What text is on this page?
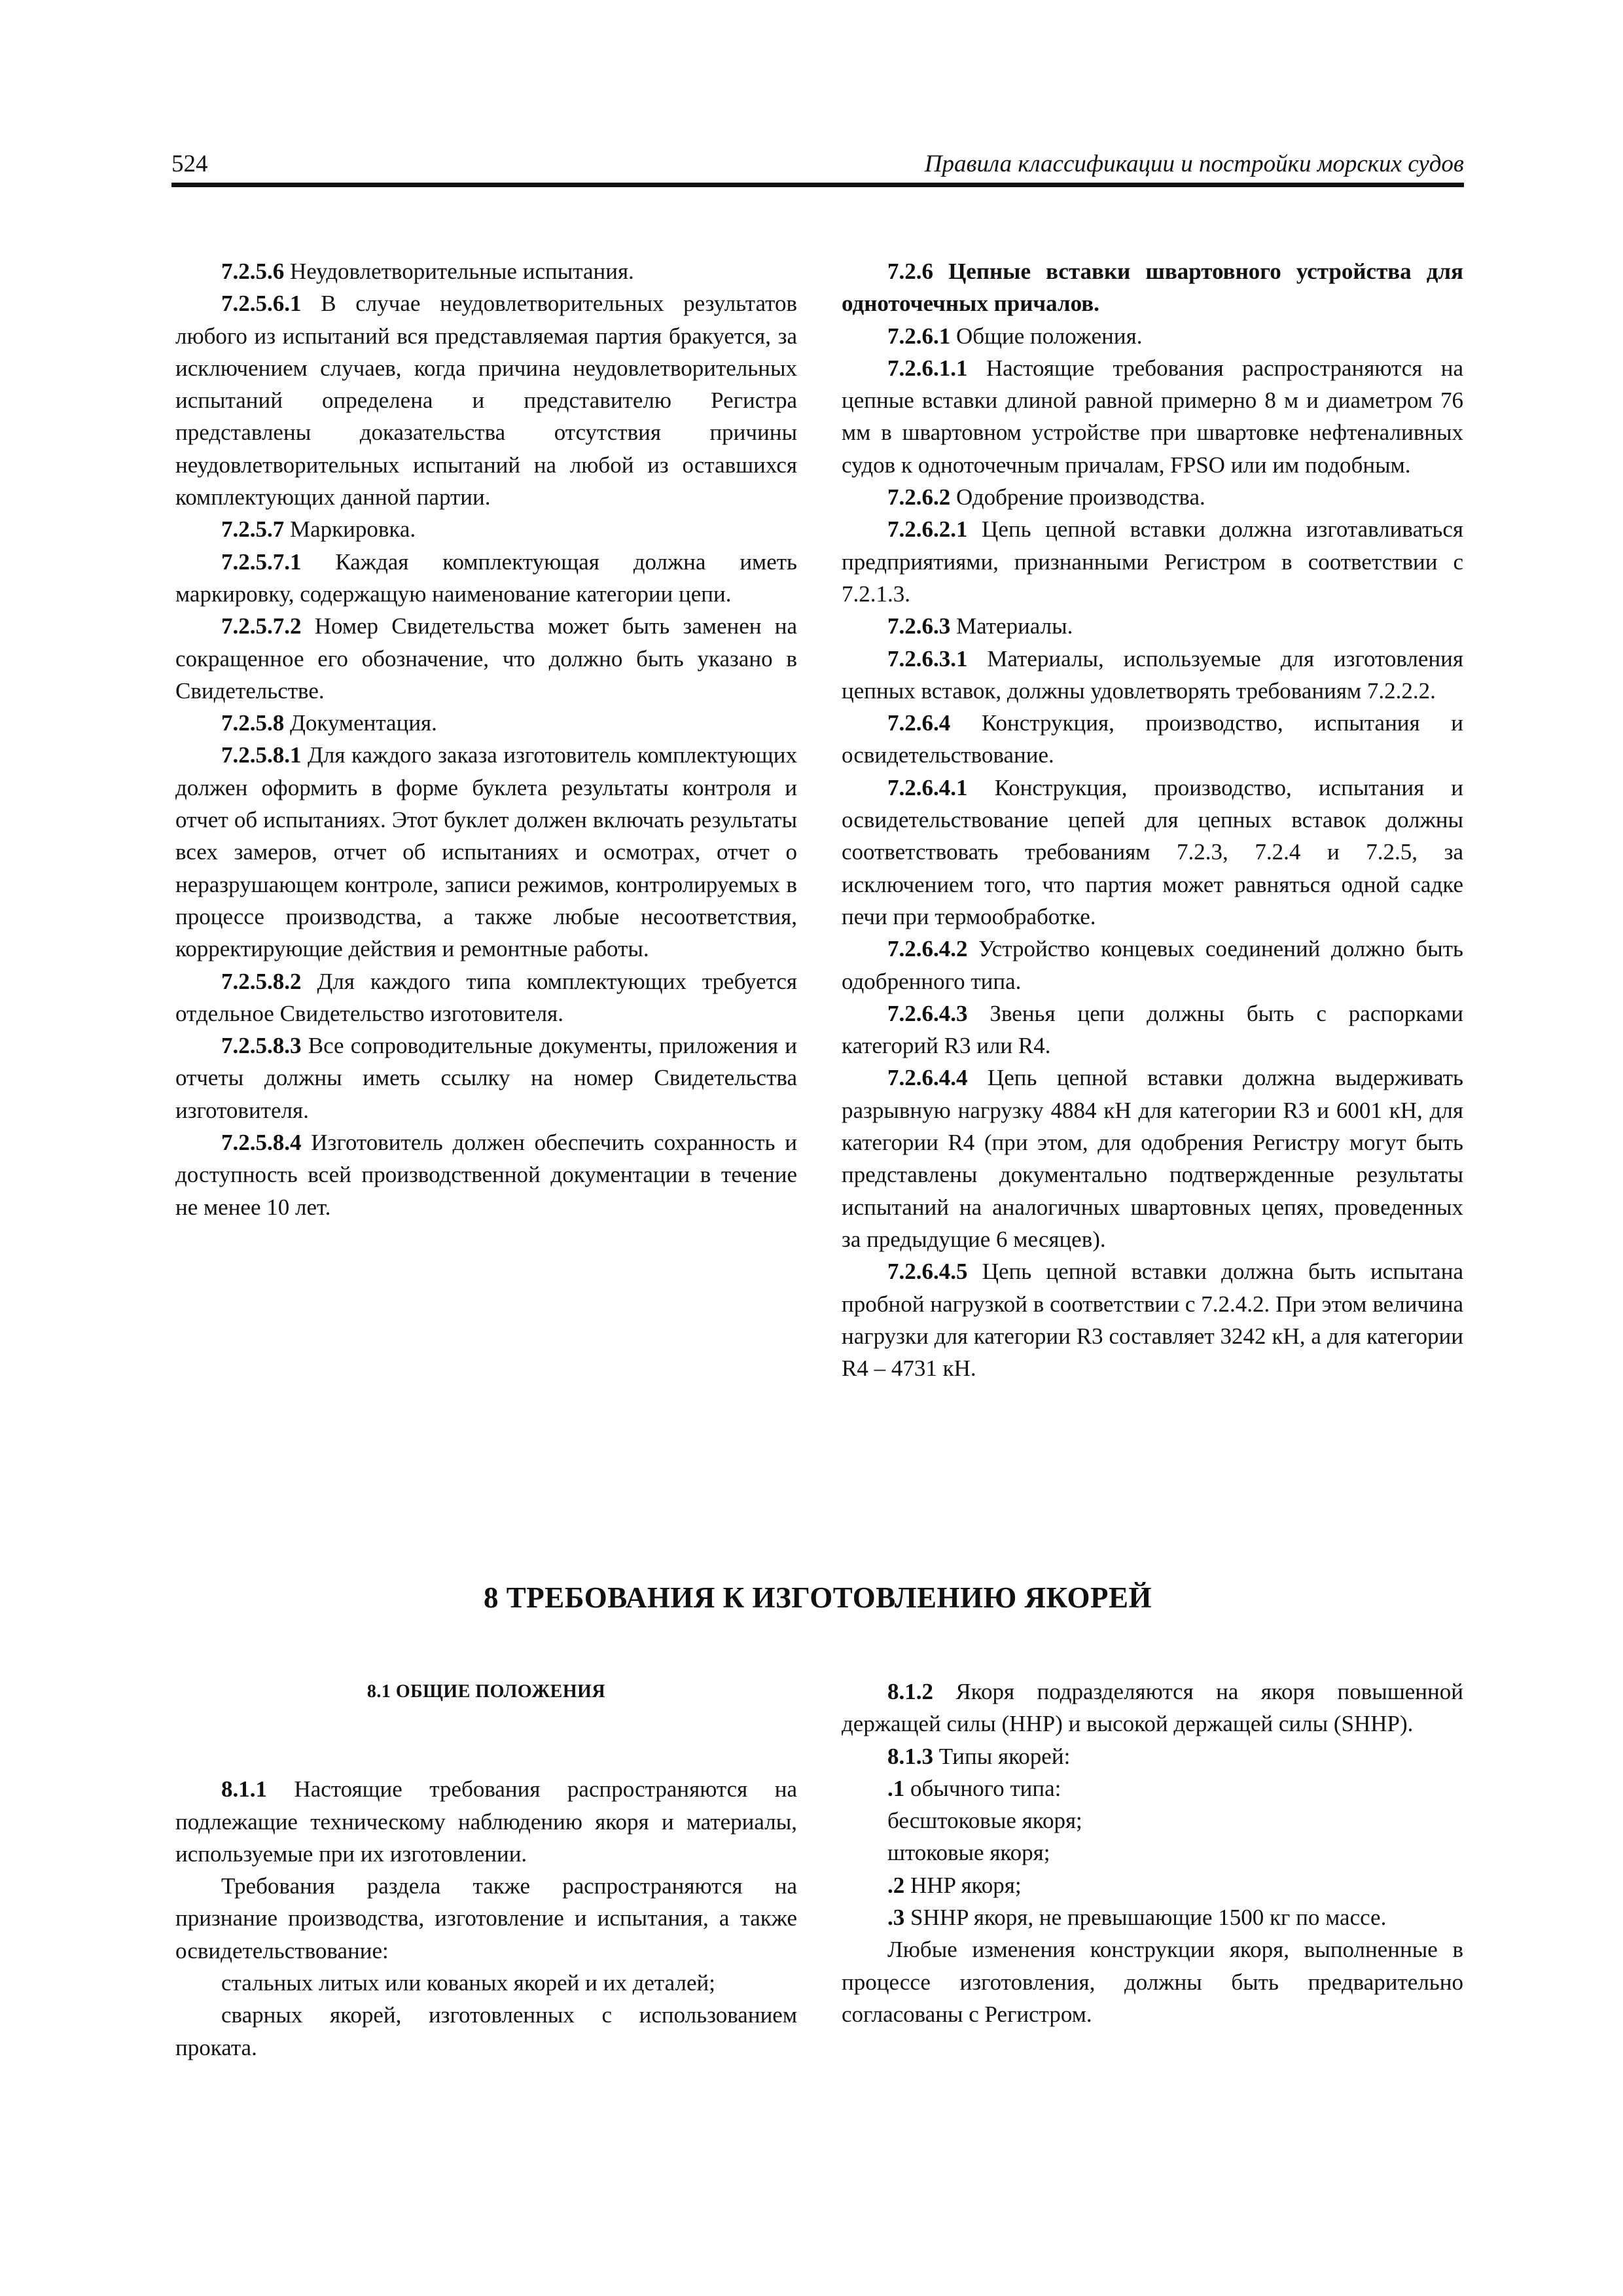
524	Правила классификации и постройки морских судов

7.2.5.6 Неудовлетворительные испытания.

7.2.5.6.1 В случае неудовлетворительных результатов любого из испытаний вся представляемая партия бракуется, за исключением случаев, когда причина неудовлетворительных испытаний определена и представителю Регистра представлены доказательства отсутствия причины неудовлетворительных испытаний на любой из оставшихся комплектующих данной партии.

7.2.5.7 Маркировка.

7.2.5.7.1 Каждая комплектующая должна иметь маркировку, содержащую наименование категории цепи.

7.2.5.7.2 Номер Свидетельства может быть заменен на сокращенное его обозначение, что должно быть указано в Свидетельстве.

7.2.5.8 Документация.

7.2.5.8.1 Для каждого заказа изготовитель комплектующих должен оформить в форме буклета результаты контроля и отчет об испытаниях. Этот буклет должен включать результаты всех замеров, отчет об испытаниях и осмотрах, отчет о неразрушающем контроле, записи режимов, контролируемых в процессе производства, а также любые несоответствия, корректирующие действия и ремонтные работы.

7.2.5.8.2 Для каждого типа комплектующих требуется отдельное Свидетельство изготовителя.

7.2.5.8.3 Все сопроводительные документы, приложения и отчеты должны иметь ссылку на номер Свидетельства изготовителя.

7.2.5.8.4 Изготовитель должен обеспечить сохранность и доступность всей производственной документации в течение не менее 10 лет.

7.2.6 Цепные вставки швартовного устройства для одноточечных причалов.

7.2.6.1 Общие положения.

7.2.6.1.1 Настоящие требования распространяются на цепные вставки длиной равной примерно 8 м и диаметром 76 мм в швартовном устройстве при швартовке нефтеналивных судов к одноточечным причалам, FPSO или им подобным.

7.2.6.2 Одобрение производства.

7.2.6.2.1 Цепь цепной вставки должна изготавливаться предприятиями, признанными Регистром в соответствии с 7.2.1.3.

7.2.6.3 Материалы.

7.2.6.3.1 Материалы, используемые для изготовления цепных вставок, должны удовлетворять требованиям 7.2.2.2.

7.2.6.4 Конструкция, производство, испытания и освидетельствование.

7.2.6.4.1 Конструкция, производство, испытания и освидетельствование цепей для цепных вставок должны соответствовать требованиям 7.2.3, 7.2.4 и 7.2.5, за исключением того, что партия может равняться одной садке печи при термообработке.

7.2.6.4.2 Устройство концевых соединений должно быть одобренного типа.

7.2.6.4.3 Звенья цепи должны быть с распорками категорий R3 или R4.

7.2.6.4.4 Цепь цепной вставки должна выдерживать разрывную нагрузку 4884 кН для категории R3 и 6001 кН, для категории R4 (при этом, для одобрения Регистру могут быть представлены документально подтвержденные результаты испытаний на аналогичных швартовных цепях, проведенных за предыдущие 6 месяцев).

7.2.6.4.5 Цепь цепной вставки должна быть испытана пробной нагрузкой в соответствии с 7.2.4.2. При этом величина нагрузки для категории R3 составляет 3242 кН, а для категории R4 – 4731 кН.

8 ТРЕБОВАНИЯ К ИЗГОТОВЛЕНИЮ ЯКОРЕЙ

8.1 ОБЩИЕ ПОЛОЖЕНИЯ

8.1.1 Настоящие требования распространяются на подлежащие техническому наблюдению якоря и материалы, используемые при их изготовлении.

Требования раздела также распространяются на признание производства, изготовление и испытания, а также освидетельствование:

стальных литых или кованых якорей и их деталей;

сварных якорей, изготовленных с использованием проката.

8.1.2 Якоря подразделяются на якоря повышенной держащей силы (HHP) и высокой держащей силы (SHHP).

8.1.3 Типы якорей:

.1 обычного типа:

бесштоковые якоря;

штоковые якоря;

.2 HHP якоря;

.3 SHHP якоря, не превышающие 1500 кг по массе.

Любые изменения конструкции якоря, выполненные в процессе изготовления, должны быть предварительно согласованы с Регистром.
